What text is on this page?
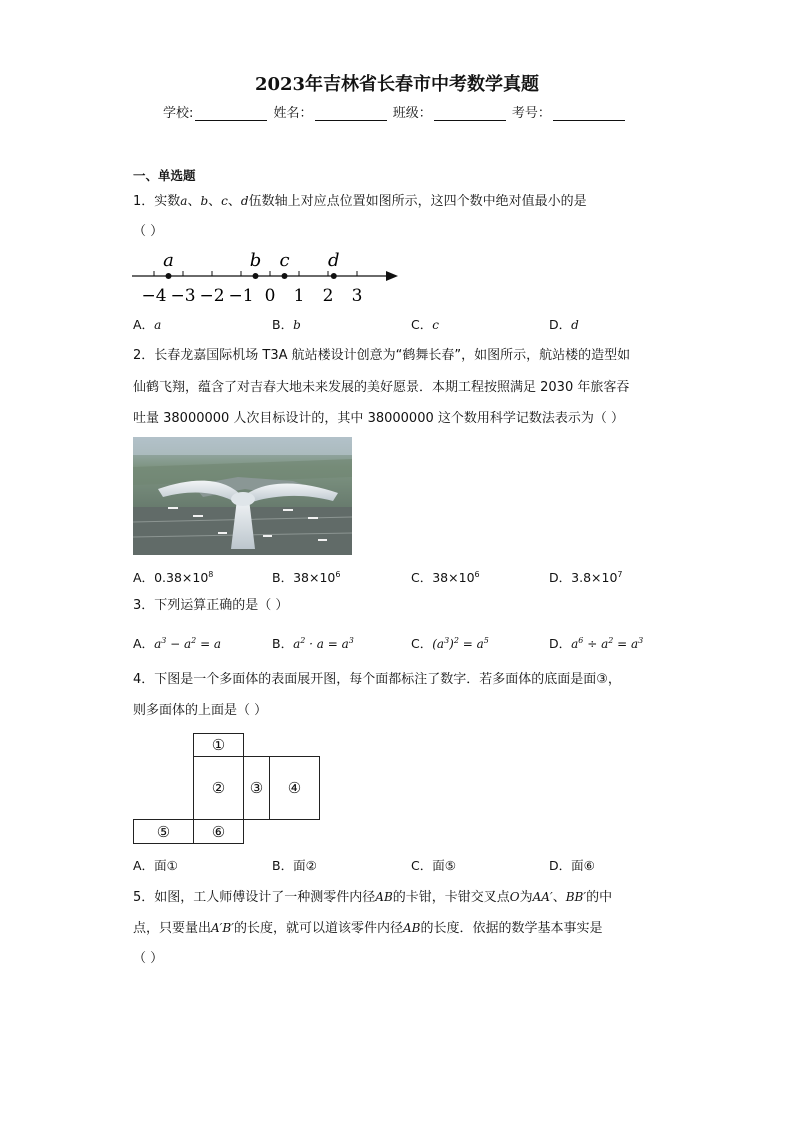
2023年吉林省长春市中考数学真题
学校:	姓名：	班级：	考号：
一、单选题
1．实数a、b、c、d伍数轴上对应点位置如图所示，这四个数中绝对值最小的是
（ ）
−4 −3 −2 −1 0 1 2 3
a	b c d
A．a	B．b	C．c	D．d
2．长春龙嘉国际机场 T3A 航站楼设计创意为“鹤舞长春”，如图所示，航站楼的造型如
仙鹤飞翔，蕴含了对吉春大地未来发展的美好愿景．本期工程按照满足 2030 年旅客吞
吐量 38000000 人次目标设计的，其中 38000000 这个数用科学记数法表示为（ ）
A．$0.38\times 10^8$	B．$38\times 10^6$	C．$38\times 10^6$	D．$3.8\times 10^7$
3．下列运算正确的是（ ）
A．$a^3 - a^2 = a$	B．$a^2 \cdot a = a^3$	C．$(a^3)^2 = a^5$	D．$a^6 \div a^2 = a^3$
4．下图是一个多面体的表面展开图，每个面都标注了数字．若多面体的底面是面③，
则多面体的上面是（ ）
①
②	③	④
⑤	⑥
A．面①	B．面②	C．面⑤	D．面⑥
5．如图，工人师傅设计了一种测零件内径AB的卡钳，卡钳交叉点O为AA′、BB′的中
点，只要量出A′B′的长度，就可以道该零件内径AB的长度．依据的数学基本事实是
（ ）
